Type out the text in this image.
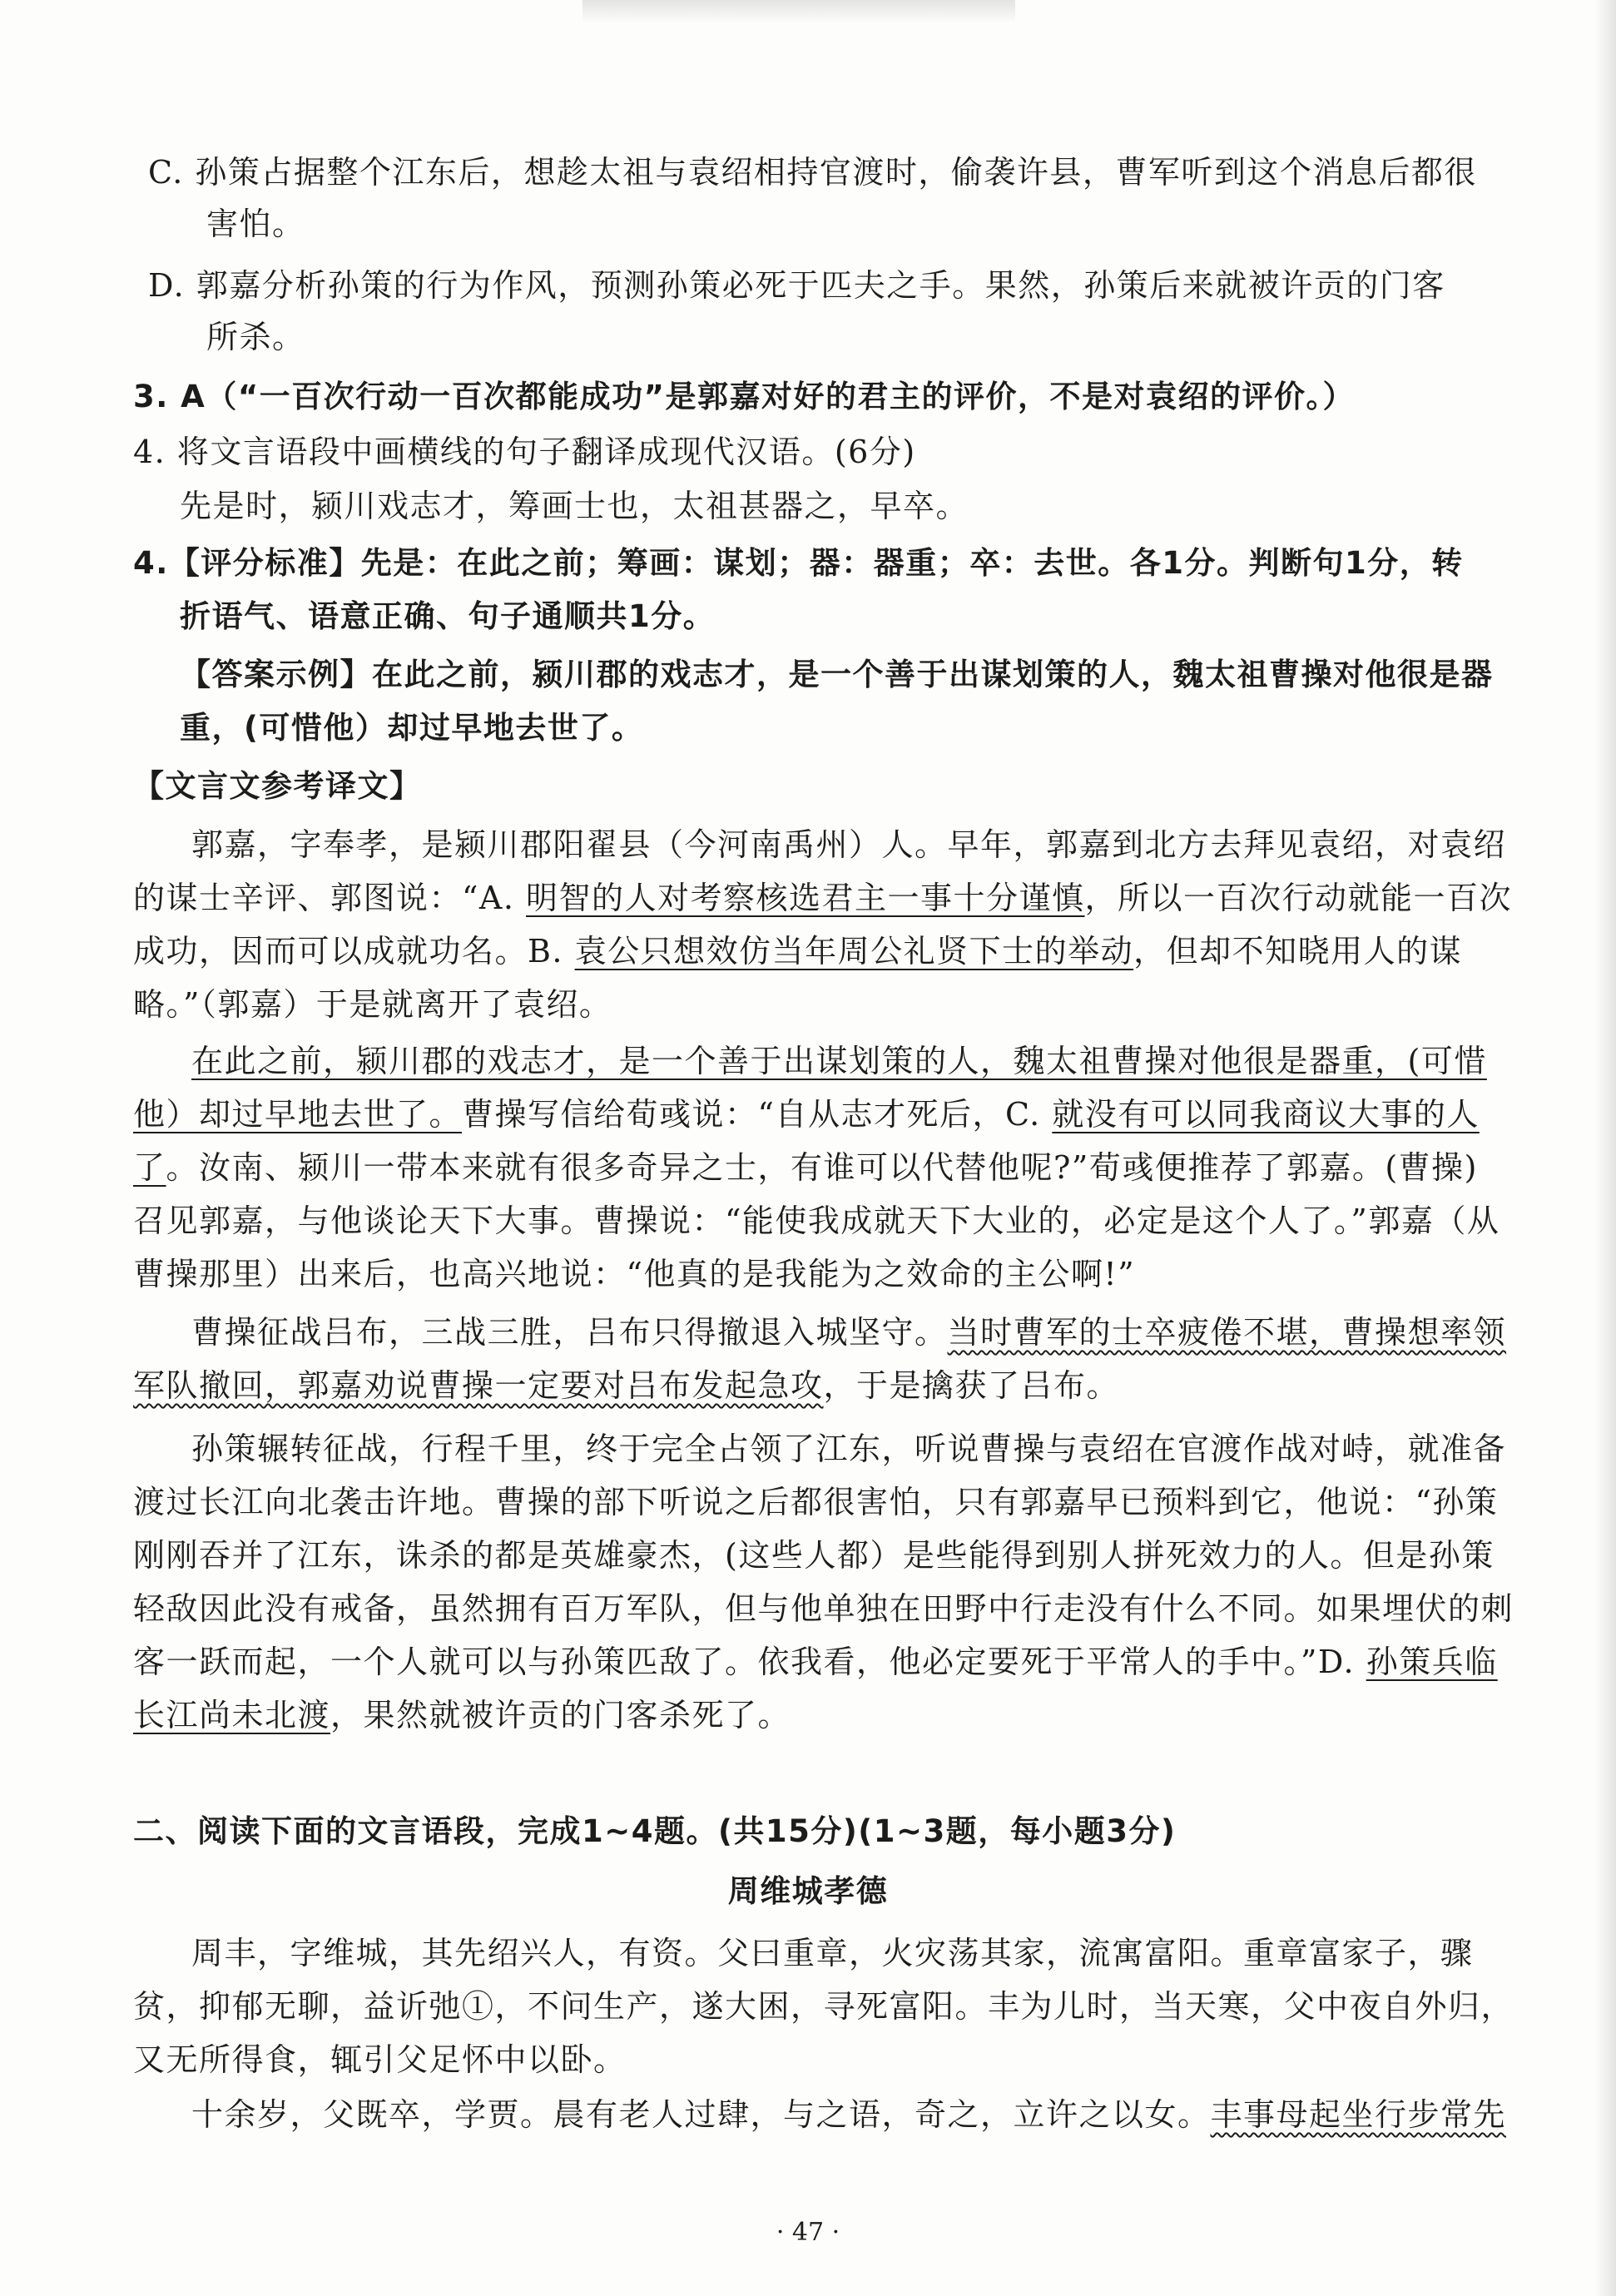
C. 孙策占据整个江东后，想趁太祖与袁绍相持官渡时，偷袭许县，曹军听到这个消息后都很
害怕。
D. 郭嘉分析孙策的行为作风，预测孙策必死于匹夫之手。果然，孙策后来就被许贡的门客
所杀。
3. A（“一百次行动一百次都能成功”是郭嘉对好的君主的评价，不是对袁绍的评价。）
4. 将文言语段中画横线的句子翻译成现代汉语。(6分)
先是时，颍川戏志才，筹画士也，太祖甚器之，早卒。
4.【评分标准】先是：在此之前；筹画：谋划；器：器重；卒：去世。各1分。判断句1分，转
折语气、语意正确、句子通顺共1分。
【答案示例】在此之前，颍川郡的戏志才，是一个善于出谋划策的人，魏太祖曹操对他很是器
重，(可惜他）却过早地去世了。
【文言文参考译文】
郭嘉，字奉孝，是颍川郡阳翟县（今河南禹州）人。早年，郭嘉到北方去拜见袁绍，对袁绍
的谋士辛评、郭图说：“A. 明智的人对考察核选君主一事十分谨慎，所以一百次行动就能一百次
成功，因而可以成就功名。B. 袁公只想效仿当年周公礼贤下士的举动，但却不知晓用人的谋
略。”（郭嘉）于是就离开了袁绍。
在此之前，颍川郡的戏志才，是一个善于出谋划策的人，魏太祖曹操对他很是器重，(可惜
他）却过早地去世了。曹操写信给荀彧说：“自从志才死后，C. 就没有可以同我商议大事的人
了。汝南、颍川一带本来就有很多奇异之士，有谁可以代替他呢?”荀彧便推荐了郭嘉。(曹操)
召见郭嘉，与他谈论天下大事。曹操说：“能使我成就天下大业的，必定是这个人了。”郭嘉（从
曹操那里）出来后，也高兴地说：“他真的是我能为之效命的主公啊!”
曹操征战吕布，三战三胜，吕布只得撤退入城坚守。当时曹军的士卒疲倦不堪，曹操想率领
军队撤回，郭嘉劝说曹操一定要对吕布发起急攻，于是擒获了吕布。
孙策辗转征战，行程千里，终于完全占领了江东，听说曹操与袁绍在官渡作战对峙，就准备
渡过长江向北袭击许地。曹操的部下听说之后都很害怕，只有郭嘉早已预料到它，他说：“孙策
刚刚吞并了江东，诛杀的都是英雄豪杰，(这些人都）是些能得到别人拼死效力的人。但是孙策
轻敌因此没有戒备，虽然拥有百万军队，但与他单独在田野中行走没有什么不同。如果埋伏的刺
客一跃而起，一个人就可以与孙策匹敌了。依我看，他必定要死于平常人的手中。”D. 孙策兵临
长江尚未北渡，果然就被许贡的门客杀死了。
二、阅读下面的文言语段，完成1~4题。(共15分)(1~3题，每小题3分)
周维城孝德
周丰，字维城，其先绍兴人，有资。父曰重章，火灾荡其家，流寓富阳。重章富家子，骤
贫，抑郁无聊，益䜣弛①，不问生产，遂大困，寻死富阳。丰为儿时，当天寒，父中夜自外归，
又无所得食，辄引父足怀中以卧。
十余岁，父既卒，学贾。晨有老人过肆，与之语，奇之，立许之以女。丰事母起坐行步常先
· 47 ·
